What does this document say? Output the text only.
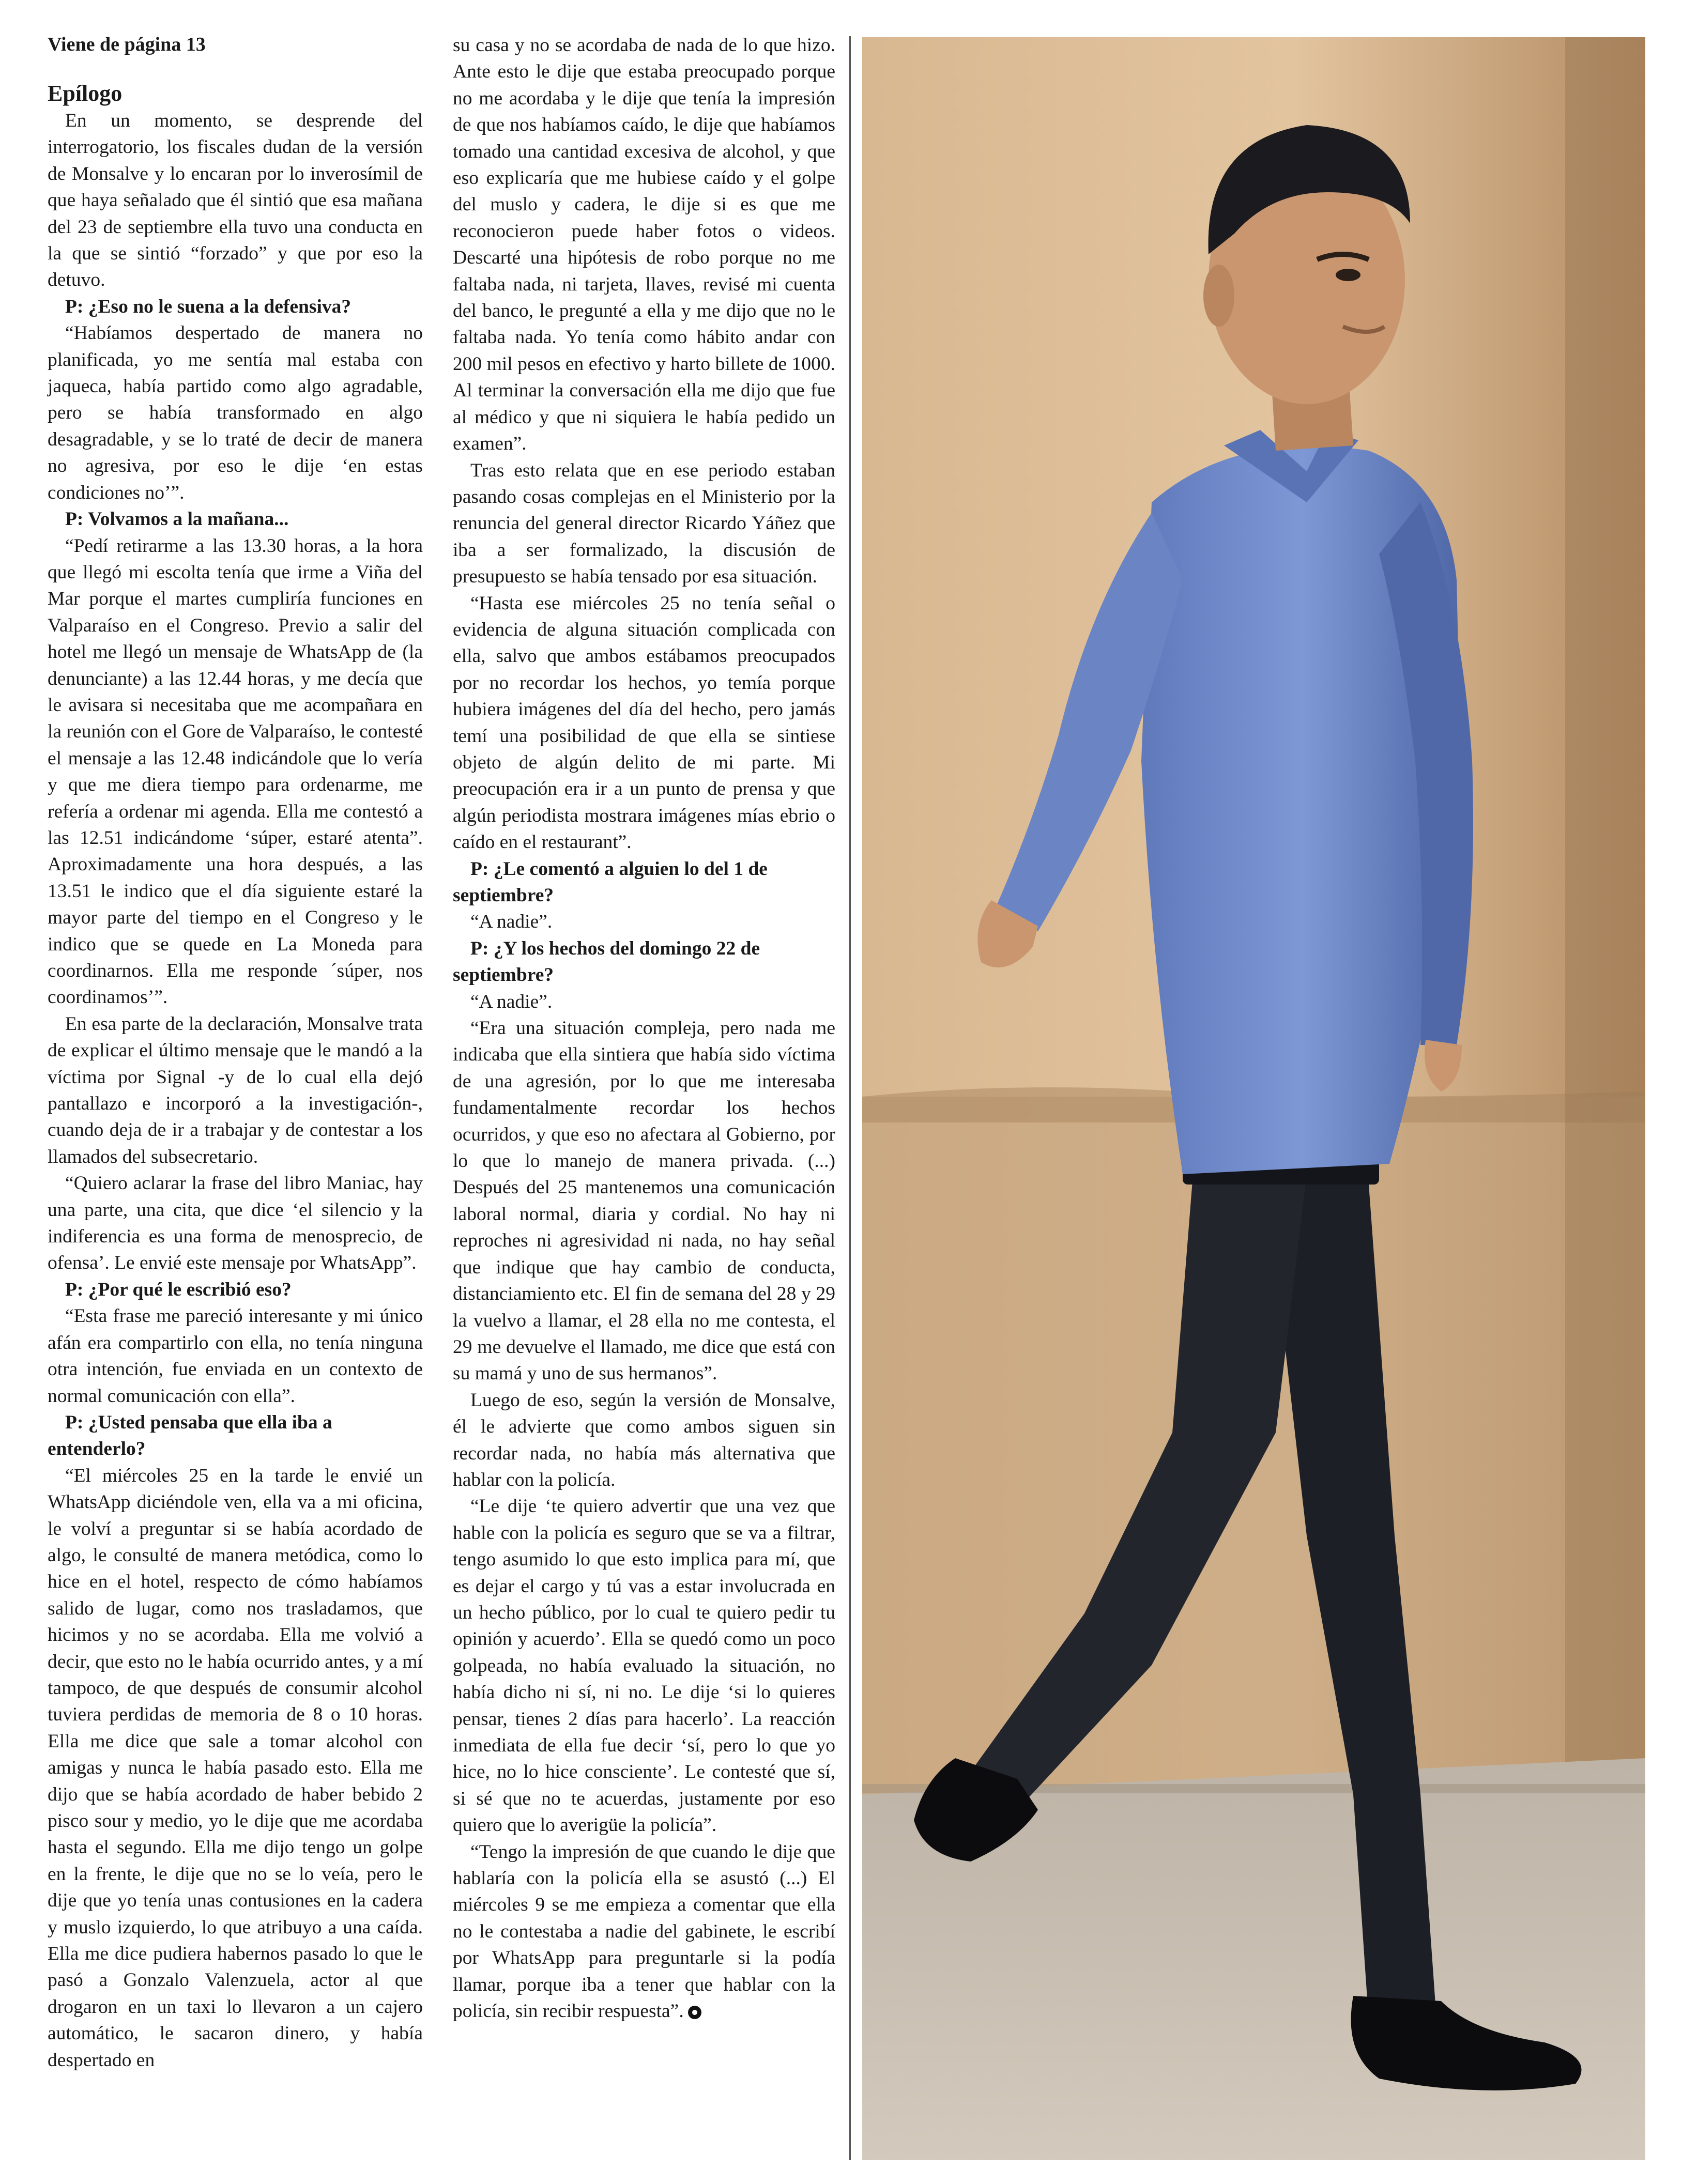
Viene de página 13
Epílogo

En un momento, se desprende del interrogatorio, los fiscales dudan de la versión de Monsalve y lo encaran por lo inverosímil de que haya señalado que él sintió que esa mañana del 23 de septiembre ella tuvo una conducta en la que se sintió “forzado” y que por eso la detuvo.

P: ¿Eso no le suena a la defensiva?

“Habíamos despertado de manera no planificada, yo me sentía mal estaba con jaqueca, había partido como algo agradable, pero se había transformado en algo desagradable, y se lo traté de decir de manera no agresiva, por eso le dije ‘en estas condiciones no’”.

P: Volvamos a la mañana...

“Pedí retirarme a las 13.30 horas, a la hora que llegó mi escolta tenía que irme a Viña del Mar porque el martes cumpliría funciones en Valparaíso en el Congreso. Previo a salir del hotel me llegó un mensaje de WhatsApp de (la denunciante) a las 12.44 horas, y me decía que le avisara si necesitaba que me acompañara en la reunión con el Gore de Valparaíso, le contesté el mensaje a las 12.48 indicándole que lo vería y que me diera tiempo para ordenarme, me refería a ordenar mi agenda. Ella me contestó a las 12.51 indicándome ‘súper, estaré atenta”. Aproximadamente una hora después, a las 13.51 le indico que el día siguiente estaré la mayor parte del tiempo en el Congreso y le indico que se quede en La Moneda para coordinarnos. Ella me responde ´súper, nos coordinamos’”.

En esa parte de la declaración, Monsalve trata de explicar el último mensaje que le mandó a la víctima por Signal -y de lo cual ella dejó pantallazo e incorporó a la investigación-, cuando deja de ir a trabajar y de contestar a los llamados del subsecretario.

“Quiero aclarar la frase del libro Maniac, hay una parte, una cita, que dice ‘el silencio y la indiferencia es una forma de menosprecio, de ofensa’. Le envié este mensaje por WhatsApp”.

P: ¿Por qué le escribió eso?

“Esta frase me pareció interesante y mi único afán era compartirlo con ella, no tenía ninguna otra intención, fue enviada en un contexto de normal comunicación con ella”.

P: ¿Usted pensaba que ella iba a entenderlo?

“El miércoles 25 en la tarde le envié un WhatsApp diciéndole ven, ella va a mi oficina, le volví a preguntar si se había acordado de algo, le consulté de manera metódica, como lo hice en el hotel, respecto de cómo habíamos salido de lugar, como nos trasladamos, que hicimos y no se acordaba. Ella me volvió a decir, que esto no le había ocurrido antes, y a mí tampoco, de que después de consumir alcohol tuviera perdidas de memoria de 8 o 10 horas. Ella me dice que sale a tomar alcohol con amigas y nunca le había pasado esto. Ella me dijo que se había acordado de haber bebido 2 pisco sour y medio, yo le dije que me acordaba hasta el segundo. Ella me dijo tengo un golpe en la frente, le dije que no se lo veía, pero le dije que yo tenía unas contusiones en la cadera y muslo izquierdo, lo que atribuyo a una caída. Ella me dice pudiera habernos pasado lo que le pasó a Gonzalo Valenzuela, actor al que drogaron en un taxi lo llevaron a un cajero automático, le sacaron dinero, y había despertado en

su casa y no se acordaba de nada de lo que hizo. Ante esto le dije que estaba preocupado porque no me acordaba y le dije que tenía la impresión de que nos habíamos caído, le dije que habíamos tomado una cantidad excesiva de alcohol, y que eso explicaría que me hubiese caído y el golpe del muslo y cadera, le dije si es que me reconocieron puede haber fotos o videos. Descarté una hipótesis de robo porque no me faltaba nada, ni tarjeta, llaves, revisé mi cuenta del banco, le pregunté a ella y me dijo que no le faltaba nada. Yo tenía como hábito andar con 200 mil pesos en efectivo y harto billete de 1000. Al terminar la conversación ella me dijo que fue al médico y que ni siquiera le había pedido un examen”.

Tras esto relata que en ese periodo estaban pasando cosas complejas en el Ministerio por la renuncia del general director Ricardo Yáñez que iba a ser formalizado, la discusión de presupuesto se había tensado por esa situación.

“Hasta ese miércoles 25 no tenía señal o evidencia de alguna situación complicada con ella, salvo que ambos estábamos preocupados por no recordar los hechos, yo temía porque hubiera imágenes del día del hecho, pero jamás temí una posibilidad de que ella se sintiese objeto de algún delito de mi parte. Mi preocupación era ir a un punto de prensa y que algún periodista mostrara imágenes mías ebrio o caído en el restaurant”.

P: ¿Le comentó a alguien lo del 1 de septiembre?

“A nadie”.

P: ¿Y los hechos del domingo 22 de septiembre?

“A nadie”.

“Era una situación compleja, pero nada me indicaba que ella sintiera que había sido víctima de una agresión, por lo que me interesaba fundamentalmente recordar los hechos ocurridos, y que eso no afectara al Gobierno, por lo que lo manejo de manera privada. (...) Después del 25 mantenemos una comunicación laboral normal, diaria y cordial. No hay ni reproches ni agresividad ni nada, no hay señal que indique que hay cambio de conducta, distanciamiento etc. El fin de semana del 28 y 29 la vuelvo a llamar, el 28 ella no me contesta, el 29 me devuelve el llamado, me dice que está con su mamá y uno de sus hermanos”.

Luego de eso, según la versión de Monsalve, él le advierte que como ambos siguen sin recordar nada, no había más alternativa que hablar con la policía.

“Le dije ‘te quiero advertir que una vez que hable con la policía es seguro que se va a filtrar, tengo asumido lo que esto implica para mí, que es dejar el cargo y tú vas a estar involucrada en un hecho público, por lo cual te quiero pedir tu opinión y acuerdo’. Ella se quedó como un poco golpeada, no había evaluado la situación, no había dicho ni sí, ni no. Le dije ‘si lo quieres pensar, tienes 2 días para hacerlo’. La reacción inmediata de ella fue decir ‘sí, pero lo que yo hice, no lo hice consciente’. Le contesté que sí, si sé que no te acuerdas, justamente por eso quiero que lo averigüe la policía”.

“Tengo la impresión de que cuando le dije que hablaría con la policía ella se asustó (...) El miércoles 9 se me empieza a comentar que ella no le contestaba a nadie del gabinete, le escribí por WhatsApp para preguntarle si la podía llamar, porque iba a tener que hablar con la policía, sin recibir respuesta”.
